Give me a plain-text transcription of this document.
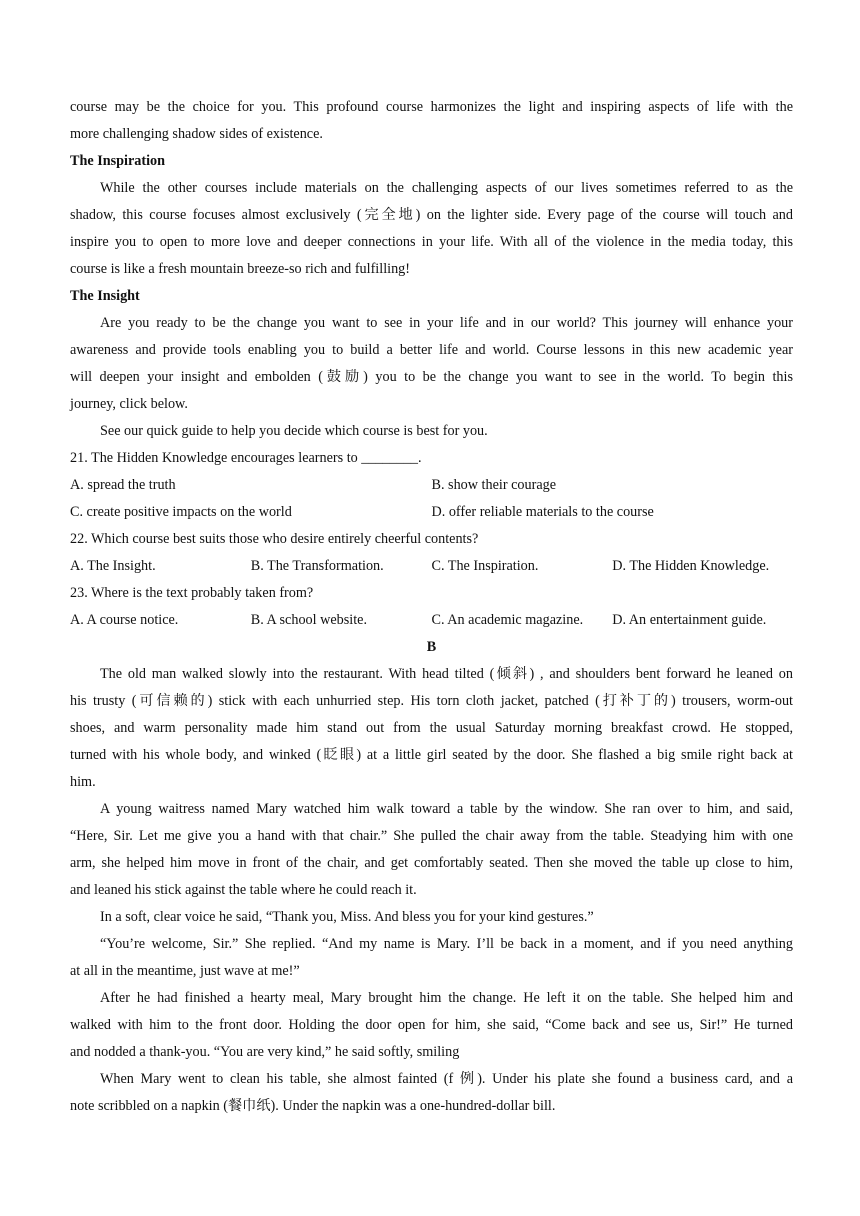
course may be the choice for you. This profound course harmonizes the light and inspiring aspects of life with the
more challenging shadow sides of existence.
The Inspiration
While the other courses include materials on the challenging aspects of our lives sometimes referred to as the
shadow, this course focuses almost exclusively (完全地) on the lighter side. Every page of the course will touch and
inspire you to open to more love and deeper connections in your life. With all of the violence in the media today, this
course is like a fresh mountain breeze-so rich and fulfilling!
The Insight
Are you ready to be the change you want to see in your life and in our world? This journey will enhance your
awareness and provide tools enabling you to build a better life and world. Course lessons in this new academic year
will deepen your insight and embolden (鼓励) you to be the change you want to see in the world. To begin this
journey, click below.
See our quick guide to help you decide which course is best for you.
21. The Hidden Knowledge encourages learners to ________.
A. spread the truth	B. show their courage
C. create positive impacts on the world	D. offer reliable materials to the course
22. Which course best suits those who desire entirely cheerful contents?
A. The Insight.	B. The Transformation.	C. The Inspiration.	D. The Hidden Knowledge.
23. Where is the text probably taken from?
A. A course notice.	B. A school website.	C. An academic magazine.	D. An entertainment guide.
B
The old man walked slowly into the restaurant. With head tilted (倾斜) , and shoulders bent forward he leaned on
his trusty (可信赖的) stick with each unhurried step. His torn cloth jacket, patched (打补丁的) trousers, worm-out
shoes, and warm personality made him stand out from the usual Saturday morning breakfast crowd. He stopped,
turned with his whole body, and winked (眨眼) at a little girl seated by the door. She flashed a big smile right back at
him.
A young waitress named Mary watched him walk toward a table by the window. She ran over to him, and said,
“Here, Sir. Let me give you a hand with that chair.” She pulled the chair away from the table. Steadying him with one
arm, she helped him move in front of the chair, and get comfortably seated. Then she moved the table up close to him,
and leaned his stick against the table where he could reach it.
In a soft, clear voice he said, “Thank you, Miss. And bless you for your kind gestures.”
“You’re welcome, Sir.” She replied. “And my name is Mary. I’ll be back in a moment, and if you need anything
at all in the meantime, just wave at me!”
After he had finished a hearty meal, Mary brought him the change. He left it on the table. She helped him and
walked with him to the front door. Holding the door open for him, she said, “Come back and see us, Sir!” He turned
and nodded a thank-you. “You are very kind,” he said softly, smiling
When Mary went to clean his table, she almost fainted (f 例). Under his plate she found a business card, and a
note scribbled on a napkin (餐巾纸). Under the napkin was a one-hundred-dollar bill.
